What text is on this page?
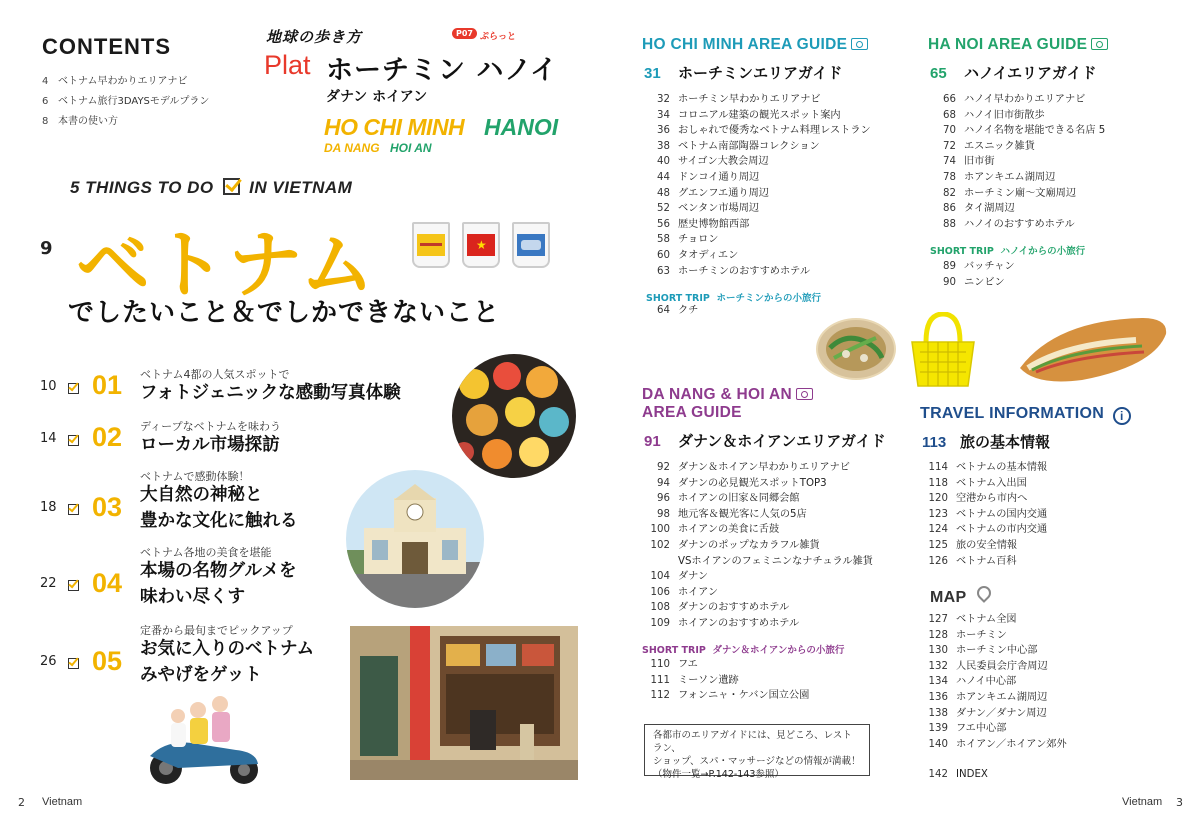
CONTENTS
4 ベトナム早わかりエリアナビ
6 ベトナム旅行3DAYSモデルプラン
8 本書の使い方
地球の歩き方	P07 ぷらっと
Plat ホーチミン ハノイ
ダナン ホイアン
HO CHI MINH HANOI
DA NANG HOI AN
5 THINGS TO DO IN VIETNAM
9 ベトナム
でしたいこと＆でしかできないこと
★
10 01 ベトナム4都の人気スポットで
フォトジェニックな感動写真体験
14 02 ディープなベトナムを味わう
ローカル市場探訪
18 03
ベトナムで感動体験！
大自然の神秘と
豊かな文化に触れる
22 04
ベトナム各地の美食を堪能
本場の名物グルメを
味わい尽くす
26 05
定番から最旬までピックアップ
お気に入りのベトナム
みやげをゲット
2 Vietnam
HO CHI MINH AREA GUIDE
31 ホーチミンエリアガイド
32 ホーチミン早わかりエリアナビ
34 コロニアル建築の観光スポット案内
36 おしゃれで優秀なベトナム料理レストラン
38 ベトナム南部陶器コレクション
40 サイゴン大教会周辺
44 ドンコイ通り周辺
48 グエンフエ通り周辺
52 ベンタン市場周辺
56 歴史博物館西部
58 チョロン
60 タオディエン
63 ホーチミンのおすすめホテル
SHORT TRIP ホーチミンからの小旅行
64 クチ
HA NOI AREA GUIDE
65 ハノイエリアガイド
66 ハノイ早わかりエリアナビ
68 ハノイ旧市街散歩
70 ハノイ名物を堪能できる名店 5
72 エスニック雑貨
74 旧市街
78 ホアンキエム湖周辺
82 ホーチミン廟～文廟周辺
86 タイ湖周辺
88 ハノイのおすすめホテル
SHORT TRIP ハノイからの小旅行
89 バッチャン
90 ニンビン
DA NANG & HOI AN
AREA GUIDE
91 ダナン＆ホイアンエリアガイド
92 ダナン＆ホイアン早わかりエリアナビ
94 ダナンの必見観光スポットTOP3
96 ホイアンの旧家＆同郷会館
98 地元客＆観光客に人気の5店
100 ホイアンの美食に舌鼓
102 ダナンのポップなカラフル雑貨
VSホイアンのフェミニンなナチュラル雑貨
104 ダナン
106 ホイアン
108 ダナンのおすすめホテル
109 ホイアンのおすすめホテル
SHORT TRIP ダナン＆ホイアンからの小旅行
110 フエ
111 ミーソン遺跡
112 フォンニャ・ケバン国立公園
各都市のエリアガイドには、見どころ、レストラン、
ショップ、スパ・マッサージなどの情報が満載！
（物件一覧→P.142-143参照）
TRAVEL INFORMATION i
113 旅の基本情報
114 ベトナムの基本情報
118 ベトナム入出国
120 空港から市内へ
123 ベトナムの国内交通
124 ベトナムの市内交通
125 旅の安全情報
126 ベトナム百科
MAP
127 ベトナム全図
128 ホーチミン
130 ホーチミン中心部
132 人民委員会庁舎周辺
134 ハノイ中心部
136 ホアンキエム湖周辺
138 ダナン／ダナン周辺
139 フエ中心部
140 ホイアン／ホイアン郊外
142 INDEX
Vietnam 3
